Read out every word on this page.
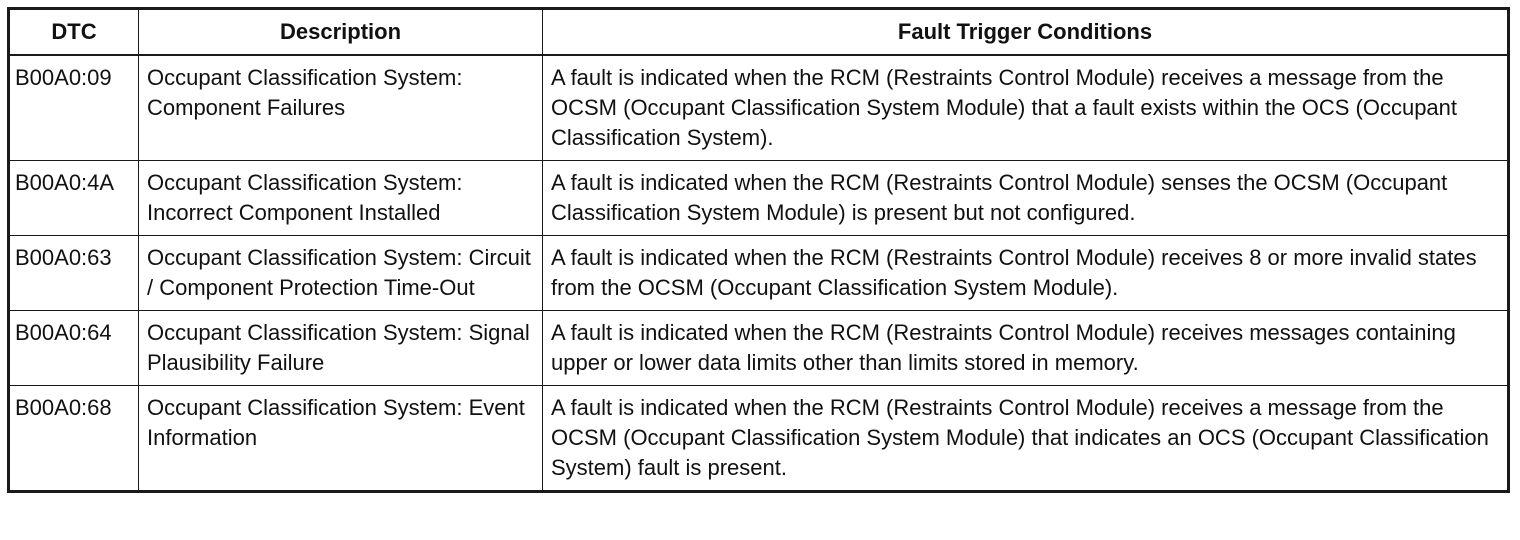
DTC	Description	Fault Trigger Conditions
B00A0:09	Occupant Classification System: Component Failures	A fault is indicated when the RCM (Restraints Control Module) receives a message from the OCSM (Occupant Classification System Module) that a fault exists within the OCS (Occupant Classification System).
B00A0:4A	Occupant Classification System: Incorrect Component Installed	A fault is indicated when the RCM (Restraints Control Module) senses the OCSM (Occupant Classification System Module) is present but not configured.
B00A0:63	Occupant Classification System: Circuit / Component Protection Time-Out	A fault is indicated when the RCM (Restraints Control Module) receives 8 or more invalid states from the OCSM (Occupant Classification System Module).
B00A0:64	Occupant Classification System: Signal Plausibility Failure	A fault is indicated when the RCM (Restraints Control Module) receives messages containing upper or lower data limits other than limits stored in memory.
B00A0:68	Occupant Classification System: Event Information	A fault is indicated when the RCM (Restraints Control Module) receives a message from the OCSM (Occupant Classification System Module) that indicates an OCS (Occupant Classification System) fault is present.
